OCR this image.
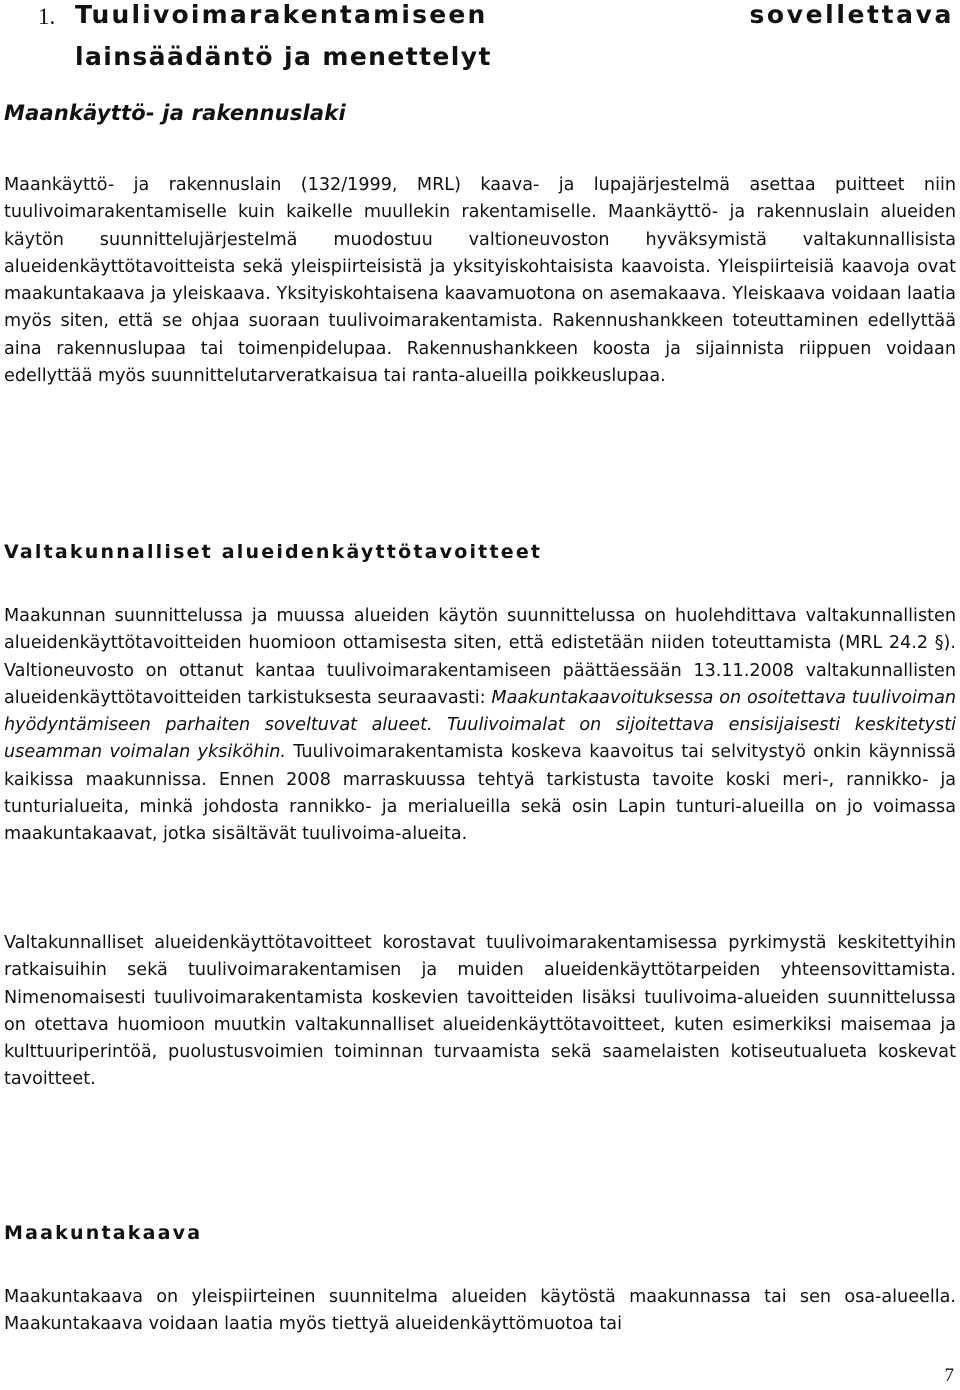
1. Tuulivoimarakentamiseen	sovellettava
lainsäädäntö ja menettelyt
Maankäyttö- ja rakennuslaki

Maankäyttö- ja rakennuslain (132/1999, MRL) kaava- ja lupajärjestelmä asettaa puitteet niin tuulivoimarakentamiselle kuin kaikelle muullekin rakentamiselle. Maankäyttö- ja rakennuslain alueiden käytön suunnittelujärjestelmä muodostuu valtioneuvoston hyväksymistä valtakunnallisista alueidenkäyttötavoitteista sekä yleispiirteisistä ja yksityiskohtaisista kaavoista. Yleispiirteisiä kaavoja ovat maakuntakaava ja yleiskaava. Yksityiskohtaisena kaavamuotona on asemakaava. Yleiskaava voidaan laatia myös siten, että se ohjaa suoraan tuulivoimarakentamista. Rakennushankkeen toteuttaminen edellyttää aina rakennuslupaa tai toimenpidelupaa. Rakennushankkeen koosta ja sijainnista riippuen voidaan edellyttää myös suunnittelutarveratkaisua tai ranta-alueilla poikkeuslupaa.

Valtakunnalliset alueidenkäyttötavoitteet

Maakunnan suunnittelussa ja muussa alueiden käytön suunnittelussa on huolehdittava valtakunnallisten alueidenkäyttötavoitteiden huomioon ottamisesta siten, että edistetään niiden toteuttamista (MRL 24.2 §). Valtioneuvosto on ottanut kantaa tuulivoimarakentamiseen päättäessään 13.11.2008 valtakunnallisten alueidenkäyttötavoitteiden tarkistuksesta seuraavasti: Maakuntakaavoituksessa on osoitettava tuulivoiman hyödyntämiseen parhaiten soveltuvat alueet. Tuulivoimalat on sijoitettava ensisijaisesti keskitetysti useamman voimalan yksiköhin. Tuulivoimarakentamista koskeva kaavoitus tai selvitystyö onkin käynnissä kaikissa maakunnissa. Ennen 2008 marraskuussa tehtyä tarkistusta tavoite koski meri-, rannikko- ja tunturialueita, minkä johdosta rannikko- ja merialueilla sekä osin Lapin tunturi-alueilla on jo voimassa maakuntakaavat, jotka sisältävät tuulivoima-alueita.

Valtakunnalliset alueidenkäyttötavoitteet korostavat tuulivoimarakentamisessa pyrkimystä keskitettyihin ratkaisuihin sekä tuulivoimarakentamisen ja muiden alueidenkäyttötarpeiden yhteensovittamista. Nimenomaisesti tuulivoimarakentamista koskevien tavoitteiden lisäksi tuulivoima-alueiden suunnittelussa on otettava huomioon muutkin valtakunnalliset alueidenkäyttötavoitteet, kuten esimerkiksi maisemaa ja kulttuuriperintöä, puolustusvoimien toiminnan turvaamista sekä saamelaisten kotiseutualueta koskevat tavoitteet.

Maakuntakaava

Maakuntakaava on yleispiirteinen suunnitelma alueiden käytöstä maakunnassa tai sen osa-alueella. Maakuntakaava voidaan laatia myös tiettyä alueidenkäyttömuotoa tai

7
